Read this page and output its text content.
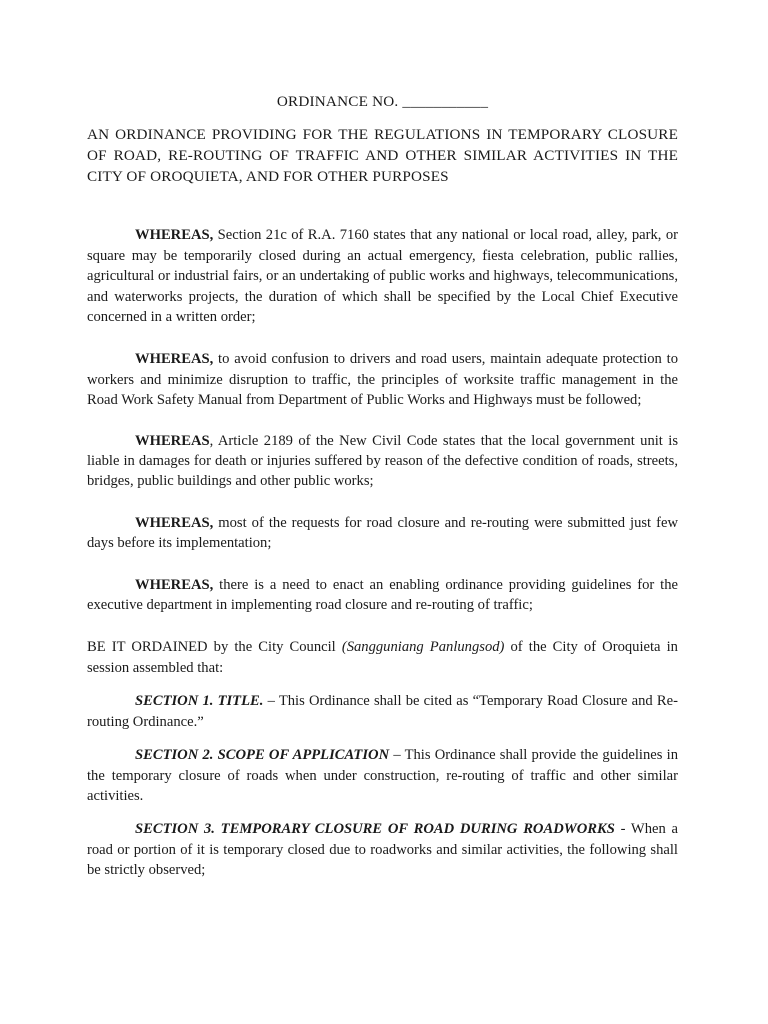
ORDINANCE NO. ___________

AN ORDINANCE PROVIDING FOR THE REGULATIONS IN TEMPORARY CLOSURE OF ROAD, RE-ROUTING OF TRAFFIC AND OTHER SIMILAR ACTIVITIES IN THE CITY OF OROQUIETA, AND FOR OTHER PURPOSES

WHEREAS, Section 21c of R.A. 7160 states that any national or local road, alley, park, or square may be temporarily closed during an actual emergency, fiesta celebration, public rallies, agricultural or industrial fairs, or an undertaking of public works and highways, telecommunications, and waterworks projects, the duration of which shall be specified by the Local Chief Executive concerned in a written order;

WHEREAS, to avoid confusion to drivers and road users, maintain adequate protection to workers and minimize disruption to traffic, the principles of worksite traffic management in the Road Work Safety Manual from Department of Public Works and Highways must be followed;

WHEREAS, Article 2189 of the New Civil Code states that the local government unit is liable in damages for death or injuries suffered by reason of the defective condition of roads, streets, bridges, public buildings and other public works;

WHEREAS, most of the requests for road closure and re-routing were submitted just few days before its implementation;

WHEREAS, there is a need to enact an enabling ordinance providing guidelines for the executive department in implementing road closure and re-routing of traffic;

BE IT ORDAINED by the City Council (Sangguniang Panlungsod) of the City of Oroquieta in session assembled that:

SECTION 1. TITLE. – This Ordinance shall be cited as “Temporary Road Closure and Re-routing Ordinance.”

SECTION 2. SCOPE OF APPLICATION – This Ordinance shall provide the guidelines in the temporary closure of roads when under construction, re-routing of traffic and other similar activities.

SECTION 3. TEMPORARY CLOSURE OF ROAD DURING ROADWORKS - When a road or portion of it is temporary closed due to roadworks and similar activities, the following shall be strictly observed;
